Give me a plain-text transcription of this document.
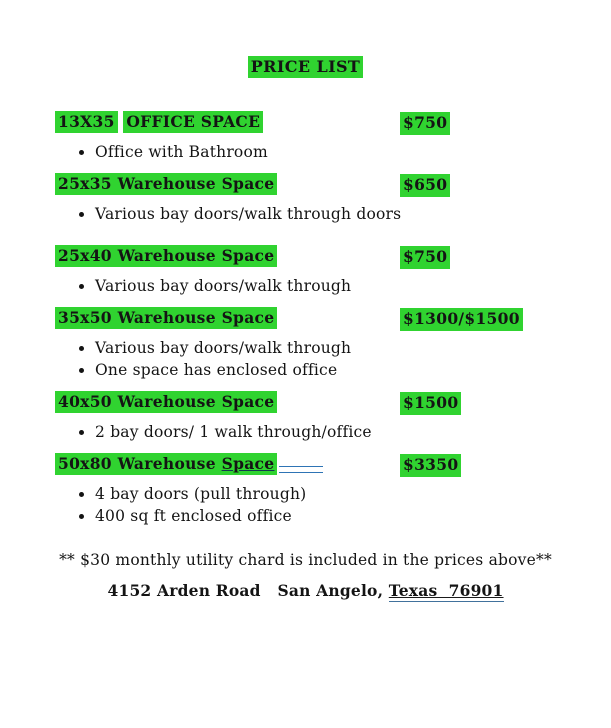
PRICE LIST
13X35 OFFICE SPACE	$750
• Office with Bathroom
25x35 Warehouse Space	$650
• Various bay doors/walk through doors
25x40 Warehouse Space	$750
• Various bay doors/walk through
35x50 Warehouse Space	$1300/$1500
• Various bay doors/walk through
• One space has enclosed office
40x50 Warehouse Space	$1500
• 2 bay doors/ 1 walk through/office
50x80 Warehouse Space	$3350
• 4 bay doors (pull through)
• 400 sq ft enclosed office
** $30 monthly utility chard is included in the prices above**
4152 Arden Road   San Angelo, Texas  76901
